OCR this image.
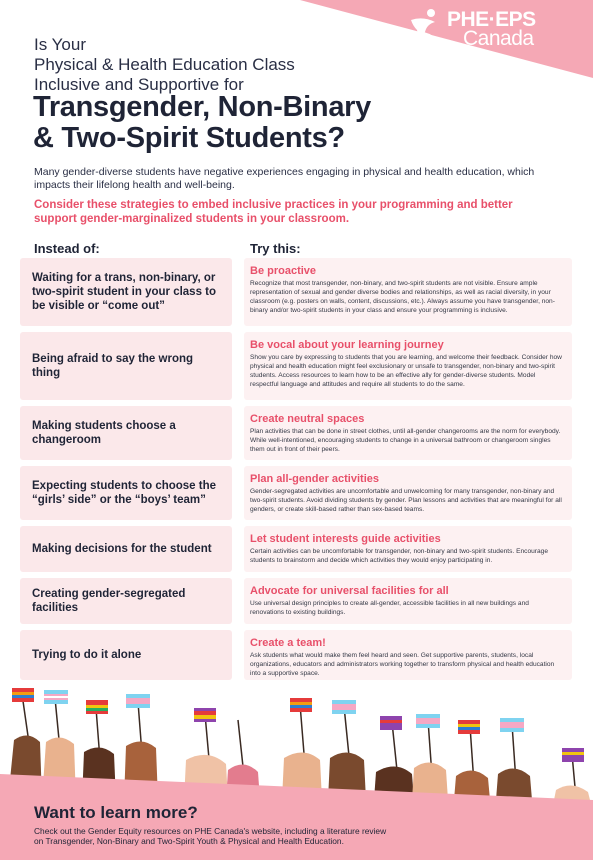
PHE·EPS
Canada
Is Your
Physical & Health Education Class
Inclusive and Supportive for
Transgender, Non-Binary
& Two-Spirit Students?
Many gender-diverse students have negative experiences engaging in physical and health education, which impacts their lifelong health and well-being.
Consider these strategies to embed inclusive practices in your programming and better support gender-marginalized students in your classroom.
Instead of:	Try this:
Waiting for a trans, non-binary, or two-spirit student in your class to be visible or “come out”
Be proactive
Recognize that most transgender, non-binary, and two-spirit students are not visible. Ensure ample representation of sexual and gender diverse bodies and relationships, as well as racial diversity, in your classroom (e.g. posters on walls, content, discussions, etc.). Always assume you have transgender, non-binary and/or two-spirit students in your class and ensure your programming is inclusive.
Being afraid to say the wrong thing
Be vocal about your learning journey
Show you care by expressing to students that you are learning, and welcome their feedback. Consider how physical and health education might feel exclusionary or unsafe to transgender, non-binary and two-spirit students. Access resources to learn how to be an effective ally for gender-diverse students. Model respectful language and attitudes and require all students to do the same.
Making students choose a changeroom
Create neutral spaces
Plan activities that can be done in street clothes, until all-gender changerooms are the norm for everybody. While well-intentioned, encouraging students to change in a universal bathroom or changeroom singles them out in front of their peers.
Expecting students to choose the “girls’ side” or the “boys’ team”
Plan all-gender activities
Gender-segregated activities are uncomfortable and unwelcoming for many transgender, non-binary and two-spirit students. Avoid dividing students by gender. Plan lessons and activities that are meaningful for all genders, or create skill-based rather than sex-based teams.
Making decisions for the student
Let student interests guide activities
Certain activities can be uncomfortable for transgender, non-binary and two-spirit students. Encourage students to brainstorm and decide which activities they would enjoy participating in.
Creating gender-segregated facilities
Advocate for universal facilities for all
Use universal design principles to create all-gender, accessible facilities in all new buildings and renovations to existing buildings.
Trying to do it alone
Create a team!
Ask students what would make them feel heard and seen. Get supportive parents, students, local organizations, educators and administrators working together to transform physical and health education into a supportive space.
Want to learn more?
Check out the Gender Equity resources on PHE Canada's website, including a literature review on Transgender, Non-Binary and Two-Spirit Youth & Physical and Health Education.
